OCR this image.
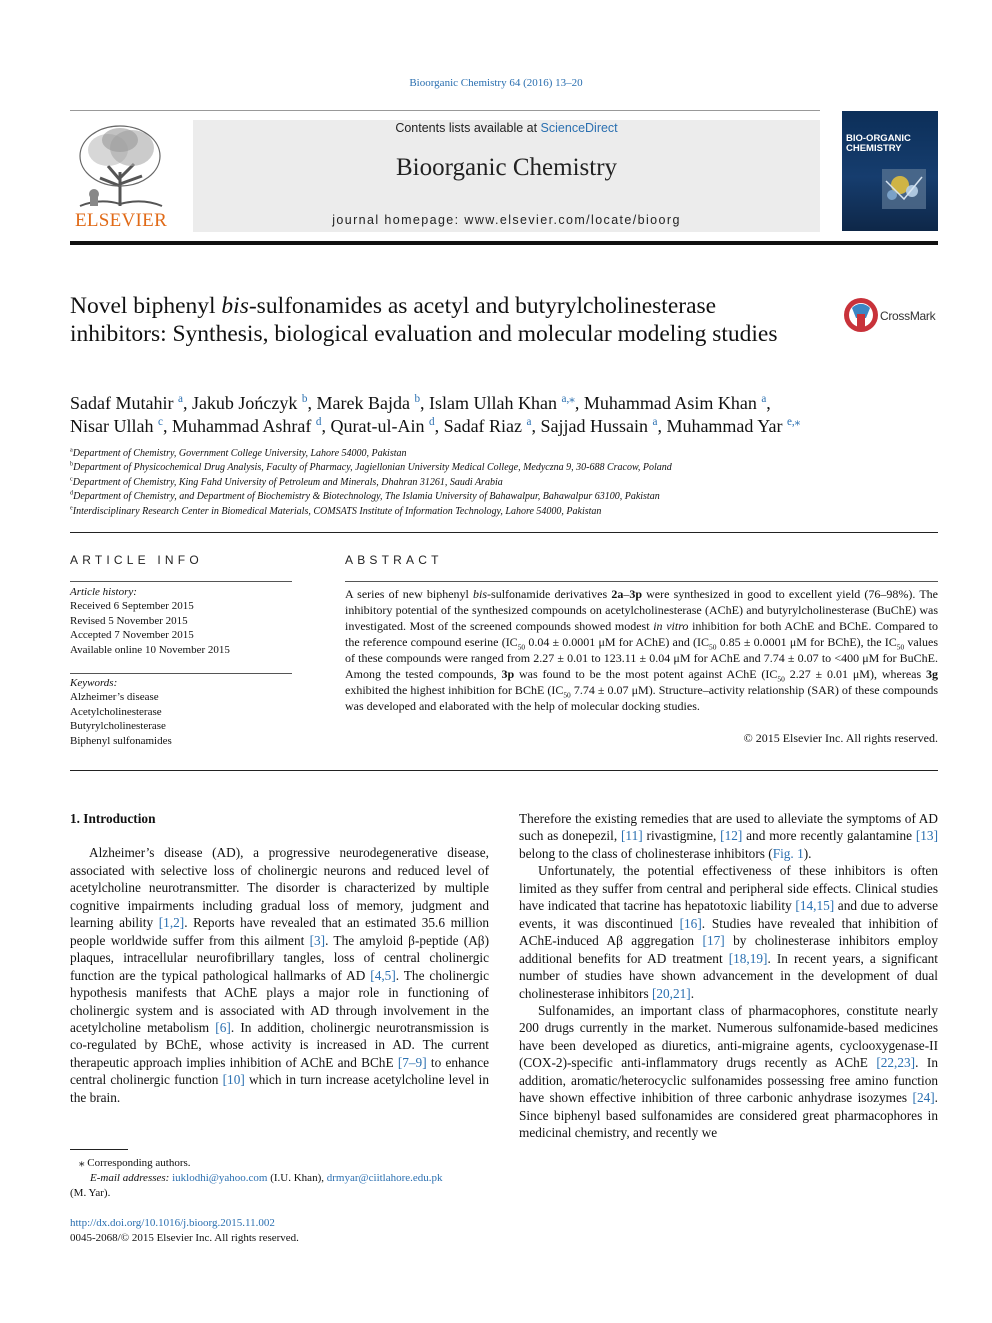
Bioorganic Chemistry 64 (2016) 13–20
ELSEVIER
Contents lists available at ScienceDirect
Bioorganic Chemistry
journal homepage: www.elsevier.com/locate/bioorg
BIO-ORGANIC CHEMISTRY
Novel biphenyl bis-sulfonamides as acetyl and butyrylcholinesterase inhibitors: Synthesis, biological evaluation and molecular modeling studies
CrossMark
Sadaf Mutahir $^a$, Jakub Jończyk $^b$, Marek Bajda $^b$, Islam Ullah Khan $^{a,⁎}$, Muhammad Asim Khan $^a$,
Nisar Ullah $^c$, Muhammad Ashraf $^d$, Qurat-ul-Ain $^d$, Sadaf Riaz $^a$, Sajjad Hussain $^a$, Muhammad Yar $^{e,⁎}$
$^a$Department of Chemistry, Government College University, Lahore 54000, Pakistan
$^b$Department of Physicochemical Drug Analysis, Faculty of Pharmacy, Jagiellonian University Medical College, Medyczna 9, 30-688 Cracow, Poland
$^c$Department of Chemistry, King Fahd University of Petroleum and Minerals, Dhahran 31261, Saudi Arabia
$^d$Department of Chemistry, and Department of Biochemistry & Biotechnology, The Islamia University of Bahawalpur, Bahawalpur 63100, Pakistan
$^e$Interdisciplinary Research Center in Biomedical Materials, COMSATS Institute of Information Technology, Lahore 54000, Pakistan
ARTICLE INFO	ABSTRACT
Article history:
Received 6 September 2015
Revised 5 November 2015
Accepted 7 November 2015
Available online 10 November 2015
Keywords:
Alzheimer’s disease
Acetylcholinesterase
Butyrylcholinesterase
Biphenyl sulfonamides
A series of new biphenyl bis-sulfonamide derivatives 2a–3p were synthesized in good to excellent yield (76–98%). The inhibitory potential of the synthesized compounds on acetylcholinesterase (AChE) and butyrylcholinesterase (BuChE) was investigated. Most of the screened compounds showed modest in vitro inhibition for both AChE and BChE. Compared to the reference compound eserine ($IC_{50}$ 0.04 ± 0.0001 μM for AChE) and ($IC_{50}$ 0.85 ± 0.0001 μM for BChE), the $IC_{50}$ values of these compounds were ranged from 2.27 ± 0.01 to 123.11 ± 0.04 μM for AChE and 7.74 ± 0.07 to <400 μM for BuChE. Among the tested compounds, 3p was found to be the most potent against AChE ($IC_{50}$ 2.27 ± 0.01 μM), whereas 3g exhibited the highest inhibition for BChE ($IC_{50}$ 7.74 ± 0.07 μM). Structure–activity relationship (SAR) of these compounds was developed and elaborated with the help of molecular docking studies.
© 2015 Elsevier Inc. All rights reserved.

1. Introduction

Alzheimer’s disease (AD), a progressive neurodegenerative disease, associated with selective loss of cholinergic neurons and reduced level of acetylcholine neurotransmitter. The disorder is characterized by multiple cognitive impairments including gradual loss of memory, judgment and learning ability [1,2]. Reports have revealed that an estimated 35.6 million people worldwide suffer from this ailment [3]. The amyloid β-peptide (Aβ) plaques, intracellular neurofibrillary tangles, loss of central cholinergic function are the typical pathological hallmarks of AD [4,5]. The cholinergic hypothesis manifests that AChE plays a major role in functioning of cholinergic system and is associated with AD through involvement in the acetylcholine metabolism [6]. In addition, cholinergic neurotransmission is co-regulated by BChE, whose activity is increased in AD. The current therapeutic approach implies inhibition of AChE and BChE [7–9] to enhance central cholinergic function [10] which in turn increase acetylcholine level in the brain.

Therefore the existing remedies that are used to alleviate the symptoms of AD such as donepezil, [11] rivastigmine, [12] and more recently galantamine [13] belong to the class of cholinesterase inhibitors (Fig. 1).

Unfortunately, the potential effectiveness of these inhibitors is often limited as they suffer from central and peripheral side effects. Clinical studies have indicated that tacrine has hepatotoxic liability [14,15] and due to adverse events, it was discontinued [16]. Studies have revealed that inhibition of AChE-induced Aβ aggregation [17] by cholinesterase inhibitors employ additional benefits for AD treatment [18,19]. In recent years, a significant number of studies have shown advancement in the development of dual cholinesterase inhibitors [20,21].

Sulfonamides, an important class of pharmacophores, constitute nearly 200 drugs currently in the market. Numerous sulfonamide-based medicines have been developed as diuretics, anti-migraine agents, cyclooxygenase-II (COX-2)-specific anti-inflammatory drugs recently as AChE [22,23]. In addition, aromatic/heterocyclic sulfonamides possessing free amino function have shown effective inhibition of three carbonic anhydrase isozymes [24]. Since biphenyl based sulfonamides are considered great pharmacophores in medicinal chemistry, and recently we

⁎ Corresponding authors.
E-mail addresses: iuklodhi@yahoo.com (I.U. Khan), drmyar@ciitlahore.edu.pk
(M. Yar).
http://dx.doi.org/10.1016/j.bioorg.2015.11.002
0045-2068/© 2015 Elsevier Inc. All rights reserved.
